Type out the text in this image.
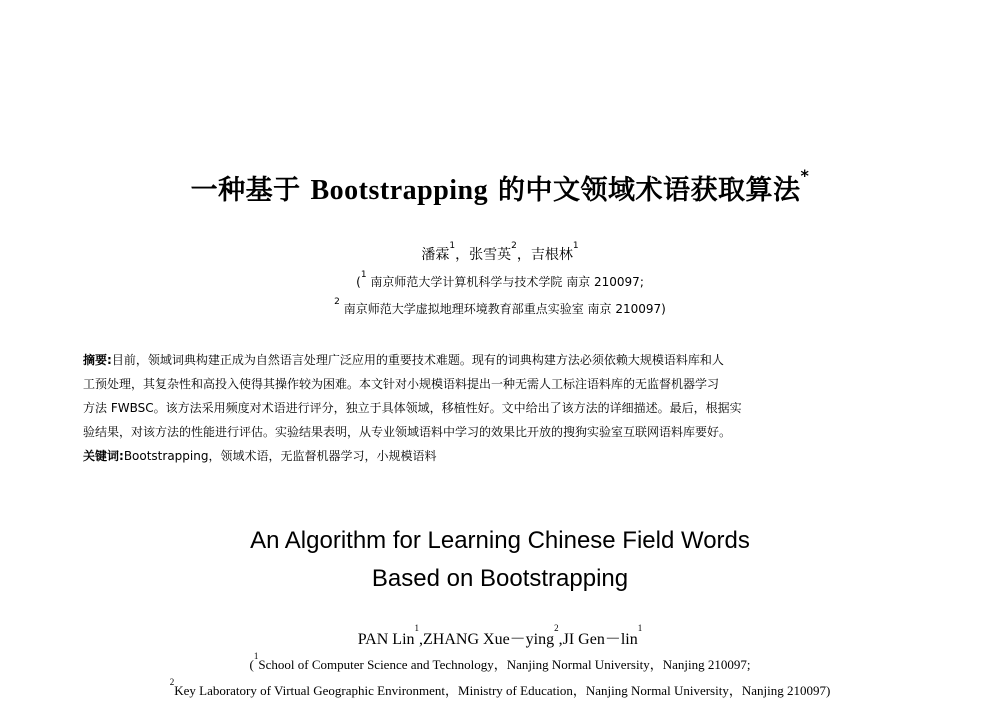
一种基于 Bootstrapping 的中文领域术语获取算法*
潘霖$^1$，张雪英$^2$，吉根林$^1$
($^1$ 南京师范大学计算机科学与技术学院 南京 210097;
$^2$ 南京师范大学虚拟地理环境教育部重点实验室 南京 210097)
摘要:目前，领域词典构建正成为自然语言处理广泛应用的重要技术难题。现有的词典构建方法必须依赖大规模语料库和人
工预处理，其复杂性和高投入使得其操作较为困难。本文针对小规模语料提出一种无需人工标注语料库的无监督机器学习
方法 FWBSC。该方法采用频度对术语进行评分，独立于具体领域，移植性好。文中给出了该方法的详细描述。最后，根据实
验结果，对该方法的性能进行评估。实验结果表明，从专业领域语料中学习的效果比开放的搜狗实验室互联网语料库要好。
关键词:Bootstrapping，领域术语，无监督机器学习，小规模语料
An Algorithm for Learning Chinese Field Words
Based on Bootstrapping
PAN Lin$^1$,ZHANG Xue－ying$^2$,JI Gen－lin$^1$
($^1$School of Computer Science and Technology，Nanjing Normal University，Nanjing 210097;
$^2$Key Laboratory of Virtual Geographic Environment，Ministry of Education，Nanjing Normal University，Nanjing 210097)
